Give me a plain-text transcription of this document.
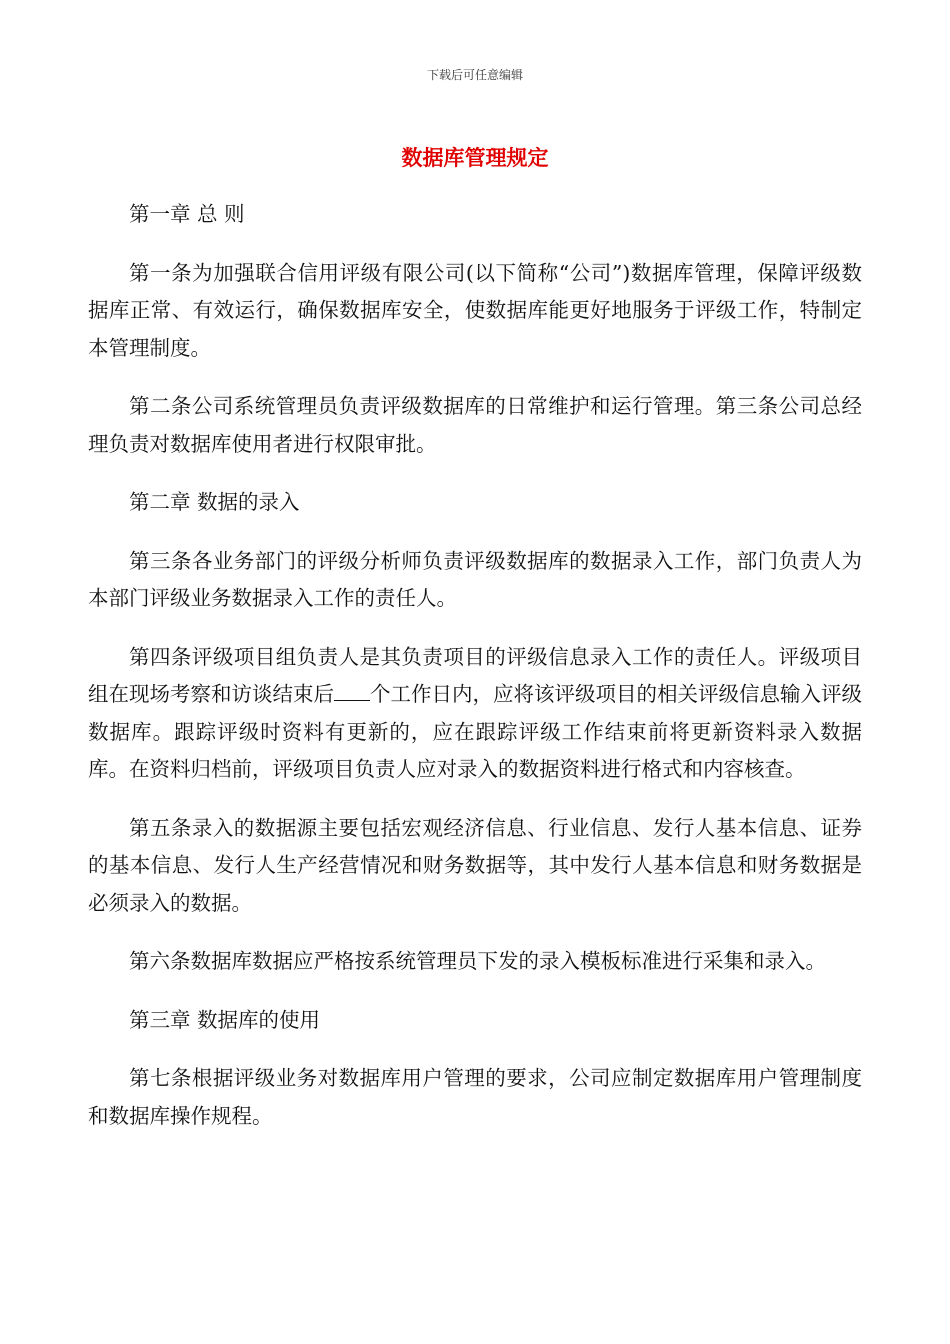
下载后可任意编辑
数据库管理规定

第一章 总 则

第一条为加强联合信用评级有限公司(以下简称“公司”)数据库管理，保障评级数据库正常、有效运行，确保数据库安全，使数据库能更好地服务于评级工作，特制定本管理制度。

第二条公司系统管理员负责评级数据库的日常维护和运行管理。第三条公司总经理负责对数据库使用者进行权限审批。

第二章 数据的录入

第三条各业务部门的评级分析师负责评级数据库的数据录入工作，部门负责人为本部门评级业务数据录入工作的责任人。

第四条评级项目组负责人是其负责项目的评级信息录入工作的责任人。评级项目组在现场考察和访谈结束后 个工作日内，应将该评级项目的相关评级信息输入评级数据库。跟踪评级时资料有更新的，应在跟踪评级工作结束前将更新资料录入数据库。在资料归档前，评级项目负责人应对录入的数据资料进行格式和内容核查。

第五条录入的数据源主要包括宏观经济信息、行业信息、发行人基本信息、证券的基本信息、发行人生产经营情况和财务数据等，其中发行人基本信息和财务数据是必须录入的数据。

第六条数据库数据应严格按系统管理员下发的录入模板标准进行采集和录入。

第三章 数据库的使用

第七条根据评级业务对数据库用户管理的要求，公司应制定数据库用户管理制度和数据库操作规程。
